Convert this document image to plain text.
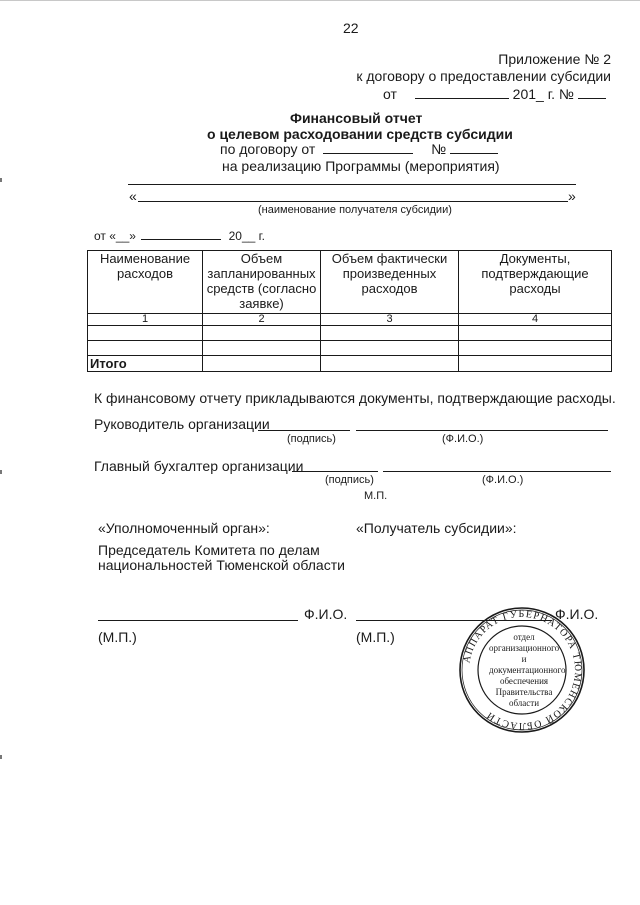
22
Приложение № 2
к договору о предоставлении субсидии
от	201_ г. №
Финансовый отчет
о целевом расходовании средств субсидии
по договору от	№
на реализацию Программы (мероприятия)
«	»
(наименование получателя субсидии)
от «__»	20__ г.
Наименование расходов	Объем запланированных средств (согласно заявке)	Объем фактически произведенных расходов	Документы, подтверждающие расходы
1	2	3	4

Итого			
К финансовому отчету прикладываются документы, подтверждающие расходы.
Руководитель организации
(подпись)	(Ф.И.О.)
Главный бухгалтер организации
(подпись)	(Ф.И.О.)
М.П.
«Уполномоченный орган»:	«Получатель субсидии»:
Председатель Комитета по делам
национальностей Тюменской области
Ф.И.О.	Ф.И.О.
(М.П.)	(М.П.)
АППАРАТ ГУБЕРНАТОРА ТЮМЕНСКОЙ ОБЛАСТИ
отдел
организационного
и
документационного
обеспечения
Правительства
области
